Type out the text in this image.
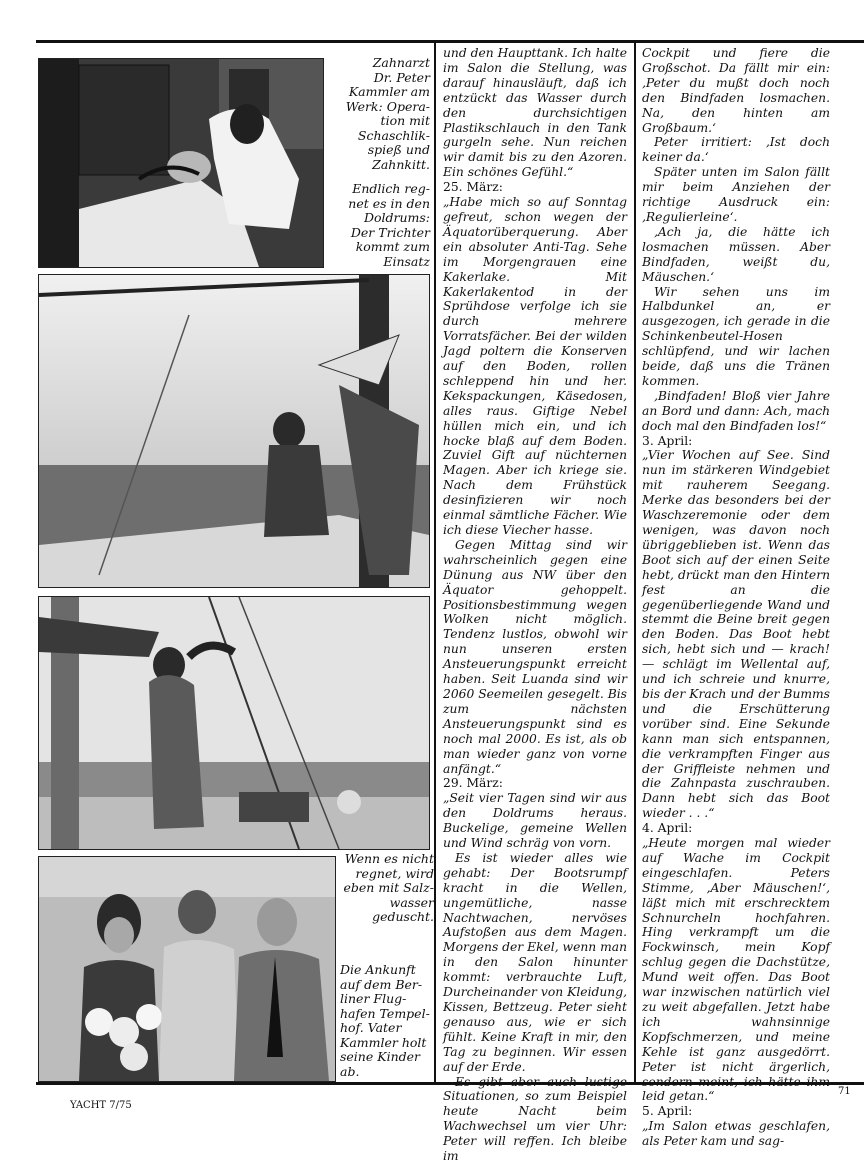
Zahnarzt
Dr. Peter
Kammler am
Werk: Opera-
tion mit
Schaschlik-
spieß und
Zahnkitt.
Endlich reg-
net es in den
Doldrums:
Der Trichter
kommt zum
Einsatz
Wenn es nicht
regnet, wird
eben mit Salz-
wasser
geduscht.
Die Ankunft
auf dem Ber-
liner Flug-
hafen Tempel-
hof. Vater
Kammler holt
seine Kinder
ab.

und den Haupttank. Ich halte im Salon die Stellung, was darauf hinausläuft, daß ich entzückt das Wasser durch den durchsichtigen Plastikschlauch in den Tank gurgeln sehe. Nun reichen wir damit bis zu den Azoren. Ein schönes Gefühl.“

25. März:

„Habe mich so auf Sonntag gefreut, schon wegen der Äquatorüberquerung. Aber ein absoluter Anti-Tag. Sehe im Morgengrauen eine Kakerlake. Mit Kakerlakentod in der Sprühdose verfolge ich sie durch mehrere Vorratsfächer. Bei der wilden Jagd poltern die Konserven auf den Boden, rollen schleppend hin und her. Kekspackungen, Käsedosen, alles raus. Giftige Nebel hüllen mich ein, und ich hocke blaß auf dem Boden. Zuviel Gift auf nüchternen Magen. Aber ich kriege sie. Nach dem Frühstück desinfizieren wir noch einmal sämtliche Fächer. Wie ich diese Viecher hasse.

Gegen Mittag sind wir wahrscheinlich gegen eine Dünung aus NW über den Äquator gehoppelt. Positionsbestimmung wegen Wolken nicht möglich. Tendenz lustlos, obwohl wir nun unseren ersten Ansteuerungspunkt erreicht haben. Seit Luanda sind wir 2060 Seemeilen gesegelt. Bis zum nächsten Ansteuerungspunkt sind es noch mal 2000. Es ist, als ob man wieder ganz von vorne anfängt.“

29. März:

„Seit vier Tagen sind wir aus den Doldrums heraus. Buckelige, gemeine Wellen und Wind schräg von vorn.

Es ist wieder alles wie gehabt: Der Bootsrumpf kracht in die Wellen, ungemütliche, nasse Nachtwachen, nervöses Aufstoßen aus dem Magen. Morgens der Ekel, wenn man in den Salon hinunter kommt: verbrauchte Luft, Durcheinander von Kleidung, Kissen, Bettzeug. Peter sieht genauso aus, wie er sich fühlt. Keine Kraft in mir, den Tag zu beginnen. Wir essen auf der Erde.

Situationen, so zum Beispiel heute Nacht beim Wachwechsel um vier Uhr: Peter will reffen. Ich bleibe im

Cockpit und fiere die Großschot. Da fällt mir ein: ‚Peter du mußt doch noch den Bindfaden losmachen. Na, den hinten am Großbaum.‘

Peter irritiert: ‚Ist doch keiner da.‘

Später unten im Salon fällt mir beim Anziehen der richtige Ausdruck ein: ‚Regulierleine‘.

‚Ach ja, die hätte ich losmachen müssen. Aber Bindfaden, weißt du, Mäuschen.‘

Wir sehen uns im Halbdunkel an, er ausgezogen, ich gerade in die Schinkenbeutel-Hosen schlüpfend, und wir lachen beide, daß uns die Tränen kommen.

‚Bindfaden! Bloß vier Jahre an Bord und dann: Ach, mach doch mal den Bindfaden los!“

3. April:

„Vier Wochen auf See. Sind nun im stärkeren Windgebiet mit rauherem Seegang. Merke das besonders bei der Waschzeremonie oder dem wenigen, was davon noch übriggeblieben ist. Wenn das Boot sich auf der einen Seite hebt, drückt man den Hintern fest an die gegenüberliegende Wand und stemmt die Beine breit gegen den Boden. Das Boot hebt sich, hebt sich und — krach! — schlägt im Wellental auf, und ich schreie und knurre, bis der Krach und der Bumms und die Erschütterung vorüber sind. Eine Sekunde kann man sich entspannen, die verkrampften Finger aus der Griffleiste nehmen und die Zahnpasta zuschrauben. Dann hebt sich das Boot wieder . . .“

4. April:

„Heute morgen mal wieder auf Wache im Cockpit eingeschlafen. Peters Stimme, ‚Aber Mäuschen!‘, läßt mich mit erschrecktem Schnurcheln hochfahren. Hing verkrampft um die Fockwinsch, mein Kopf schlug gegen die Dachstütze, Mund weit offen. Das Boot war inzwischen natürlich viel zu weit abgefallen. Jetzt habe ich wahnsinnige Kopfschmerzen, und meine Kehle ist ganz ausgedörrt. Peter ist nicht ärgerlich, leid getan.“

5. April:

„Im Salon etwas geschlafen, als Peter kam und sag-

YACHT 7/75
71
